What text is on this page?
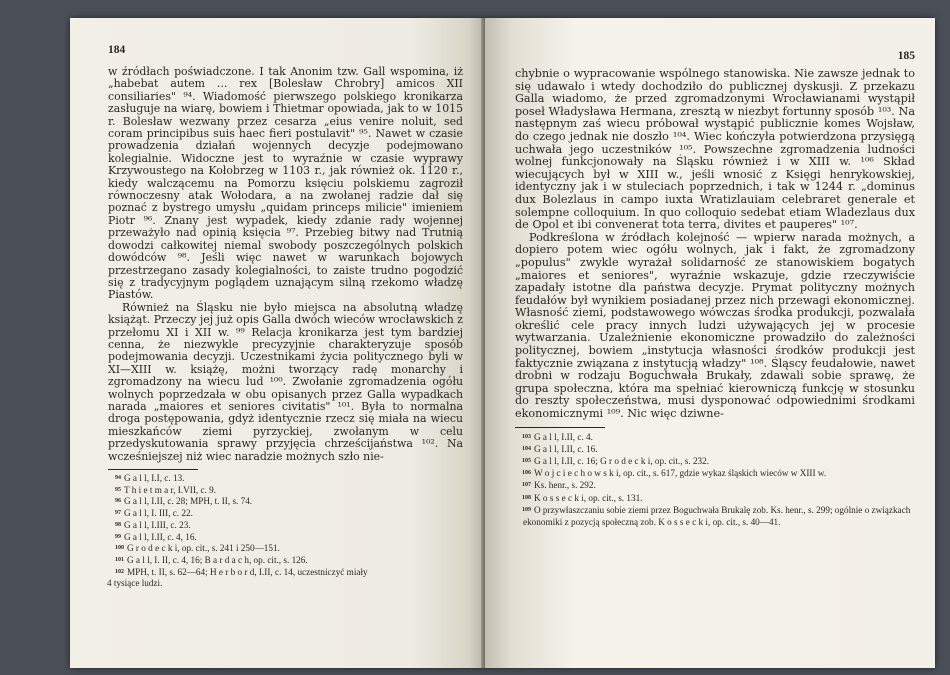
184

w źródłach poświadczone. I tak Anonim tzw. Gall wspomina, iż „habebat autem ... rex [Bolesław Chrobry] amicos XII consiliaries" ⁹⁴. Wiadomość pierwszego polskiego kronikarza zasługuje na wiarę, bowiem i Thietmar opowiada, jak to w 1015 r. Bolesław wezwany przez cesarza „eius venire noluit, sed coram principibus suis haec fieri postulavit" ⁹⁵. Nawet w czasie prowadzenia działań wojennych decyzje podejmowano kolegialnie. Widoczne jest to wyraźnie w czasie wyprawy Krzywoustego na Kołobrzeg w 1103 r., jak również ok. 1120 r., kiedy walczącemu na Pomorzu księciu polskiemu zagroził równoczesny atak Wołodara, a na zwołanej radzie dał się poznać z bystrego umysłu „quidam princeps milicie" imieniem Piotr ⁹⁶. Znany jest wypadek, kiedy zdanie rady wojennej przeważyło nad opinią księcia ⁹⁷. Przebieg bitwy nad Trutnią dowodzi całkowitej niemal swobody poszczególnych polskich dowódców ⁹⁸. Jeśli więc nawet w warunkach bojowych przestrzegano zasady kolegialności, to zaiste trudno pogodzić się z tradycyjnym poglądem uznającym silną rzekomo władzę Piastów.

Również na Śląsku nie było miejsca na absolutną władzę książąt. Przeczy jej już opis Galla dwóch wieców wrocławskich z przełomu XI i XII w. ⁹⁹ Relacja kronikarza jest tym bardziej cenna, że niezwykle precyzyjnie charakteryzuje sposób podejmowania decyzji. Uczestnikami życia politycznego byli w XI—XIII w. książę, możni tworzący radę monarchy i zgromadzony na wiecu lud ¹⁰⁰. Zwołanie zgromadzenia ogółu wolnych poprzedzała w obu opisanych przez Galla wypadkach narada „maiores et seniores civitatis" ¹⁰¹. Była to normalna droga postępowania, gdyż identycznie rzecz się miała na wiecu mieszkańców ziemi pyrzyckiej, zwołanym w celu przedyskutowania sprawy przyjęcia chrześcijaństwa ¹⁰². Na wcześniejszej niż wiec naradzie możnych szło nie-

$^{94}$ G a l l, I.I, c. 13.
$^{95}$ T h i e t m a r, I.VII, c. 9.
$^{96}$ G a l l, I.II, c. 28; MPH, t. II, s. 74.
$^{97}$ G a l l, I. III, c. 22.
$^{98}$ G a l l, I.III, c. 23.
$^{99}$ G a l l, I.II, c. 4, 16.
$^{100}$ G r o d e c k i, op. cit., s. 241 i 250—151.
$^{101}$ G a l l, I. II, c. 4, 16; B a r d a c h, op. cit., s. 126.
$^{102}$ MPH, t. II, s. 62—64; H e r b o r d, I.II, c. 14, uczestniczyć miały
4 tysiące ludzi.
185

chybnie o wypracowanie wspólnego stanowiska. Nie zawsze jednak to się udawało i wtedy dochodziło do publicznej dyskusji. Z przekazu Galla wiadomo, że przed zgromadzonymi Wrocławianami wystąpił poseł Władysława Hermana, zresztą w niezbyt fortunny sposób ¹⁰³. Na następnym zaś wiecu próbował wystąpić publicznie komes Wojsław, do czego jednak nie doszło ¹⁰⁴. Wiec kończyła potwierdzona przysięgą uchwała jego uczestników ¹⁰⁵. Powszechne zgromadzenia ludności wolnej funkcjonowały na Śląsku również i w XIII w. ¹⁰⁶ Skład wiecujących był w XIII w., jeśli wnosić z Księgi henrykowskiej, identyczny jak i w stuleciach poprzednich, i tak w 1244 r. „dominus dux Bolezlaus in campo iuxta Wratizlauiam celebraret generale et solempne colloquium. In quo colloquio sedebat etiam Wladezlaus dux de Opol et ibi convenerat tota terra, divites et pauperes" ¹⁰⁷.

Podkreślona w źródłach kolejność — wpierw narada możnych, a dopiero potem wiec ogółu wolnych, jak i fakt, że zgromadzony „populus" zwykle wyrażał solidarność ze stanowiskiem bogatych „maiores et seniores", wyraźnie wskazuje, gdzie rzeczywiście zapadały istotne dla państwa decyzje. Prymat polityczny możnych feudałów był wynikiem posiadanej przez nich przewagi ekonomicznej. Własność ziemi, podstawowego wówczas środka produkcji, pozwalała określić cele pracy innych ludzi używających jej w procesie wytwarzania. Uzależnienie ekonomiczne prowadziło do zależności politycznej, bowiem „instytucja własności środków produkcji jest faktycznie związana z instytucją władzy" ¹⁰⁸. Śląscy feudałowie, nawet drobni w rodzaju Boguchwała Brukały, zdawali sobie sprawę, że grupa społeczna, która ma spełniać kierowniczą funkcję w stosunku do reszty społeczeństwa, musi dysponować odpowiednimi środkami ekonomicznymi ¹⁰⁹. Nic więc dziwne-

$^{103}$ G a l l, I.II, c. 4.
$^{104}$ G a l l, I.II, c. 16.
$^{105}$ G a l l, I.II, c. 16; G r o d e c k i, op. cit., s. 232.
$^{106}$ W o j c i e c h o w s k i, op. cit., s. 617, gdzie wykaz śląskich wieców w XIII w.
$^{107}$ Ks. henr., s. 292.
$^{108}$ K o s s e c k i, op. cit., s. 131.
$^{109}$ O przywłaszczaniu sobie ziemi przez Boguchwała Brukalę zob. Ks. henr., s. 299; ogólnie o związkach ekonomiki z pozycją społeczną zob. K o s s e c k i, op. cit., s. 40—41.
